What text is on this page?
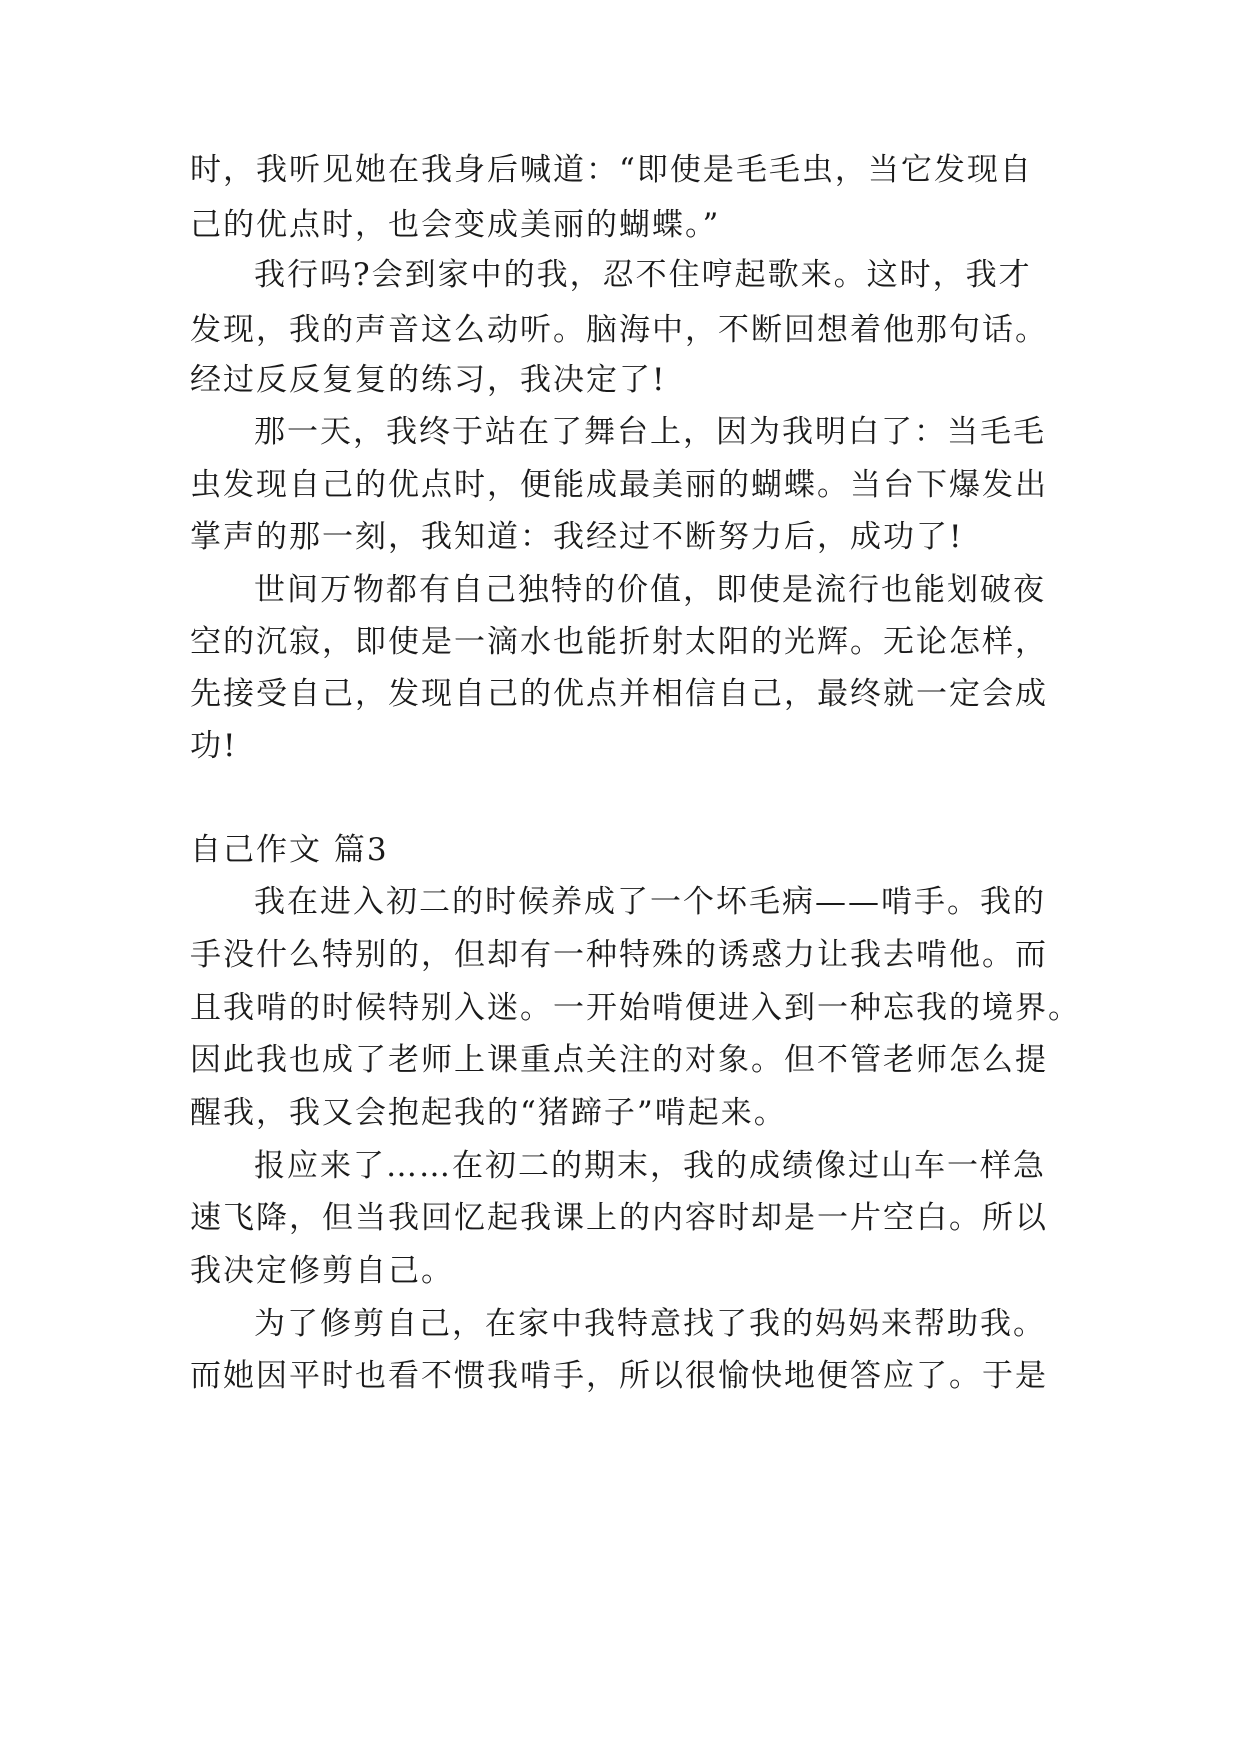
时，我听见她在我身后喊道：“即使是毛毛虫，当它发现自
己的优点时，也会变成美丽的蝴蝶。”
我行吗?会到家中的我，忍不住哼起歌来。这时，我才
发现，我的声音这么动听。脑海中，不断回想着他那句话。
经过反反复复的练习，我决定了!
那一天，我终于站在了舞台上，因为我明白了：当毛毛
虫发现自己的优点时，便能成最美丽的蝴蝶。当台下爆发出
掌声的那一刻，我知道：我经过不断努力后，成功了!
世间万物都有自己独特的价值，即使是流行也能划破夜
空的沉寂，即使是一滴水也能折射太阳的光辉。无论怎样，
先接受自己，发现自己的优点并相信自己，最终就一定会成
功!
自己作文 篇3
我在进入初二的时候养成了一个坏毛病——啃手。我的
手没什么特别的，但却有一种特殊的诱惑力让我去啃他。而
且我啃的时候特别入迷。一开始啃便进入到一种忘我的境界。
因此我也成了老师上课重点关注的对象。但不管老师怎么提
醒我，我又会抱起我的“猪蹄子”啃起来。
报应来了……在初二的期末，我的成绩像过山车一样急
速飞降，但当我回忆起我课上的内容时却是一片空白。所以
我决定修剪自己。
为了修剪自己，在家中我特意找了我的妈妈来帮助我。
而她因平时也看不惯我啃手，所以很愉快地便答应了。于是
